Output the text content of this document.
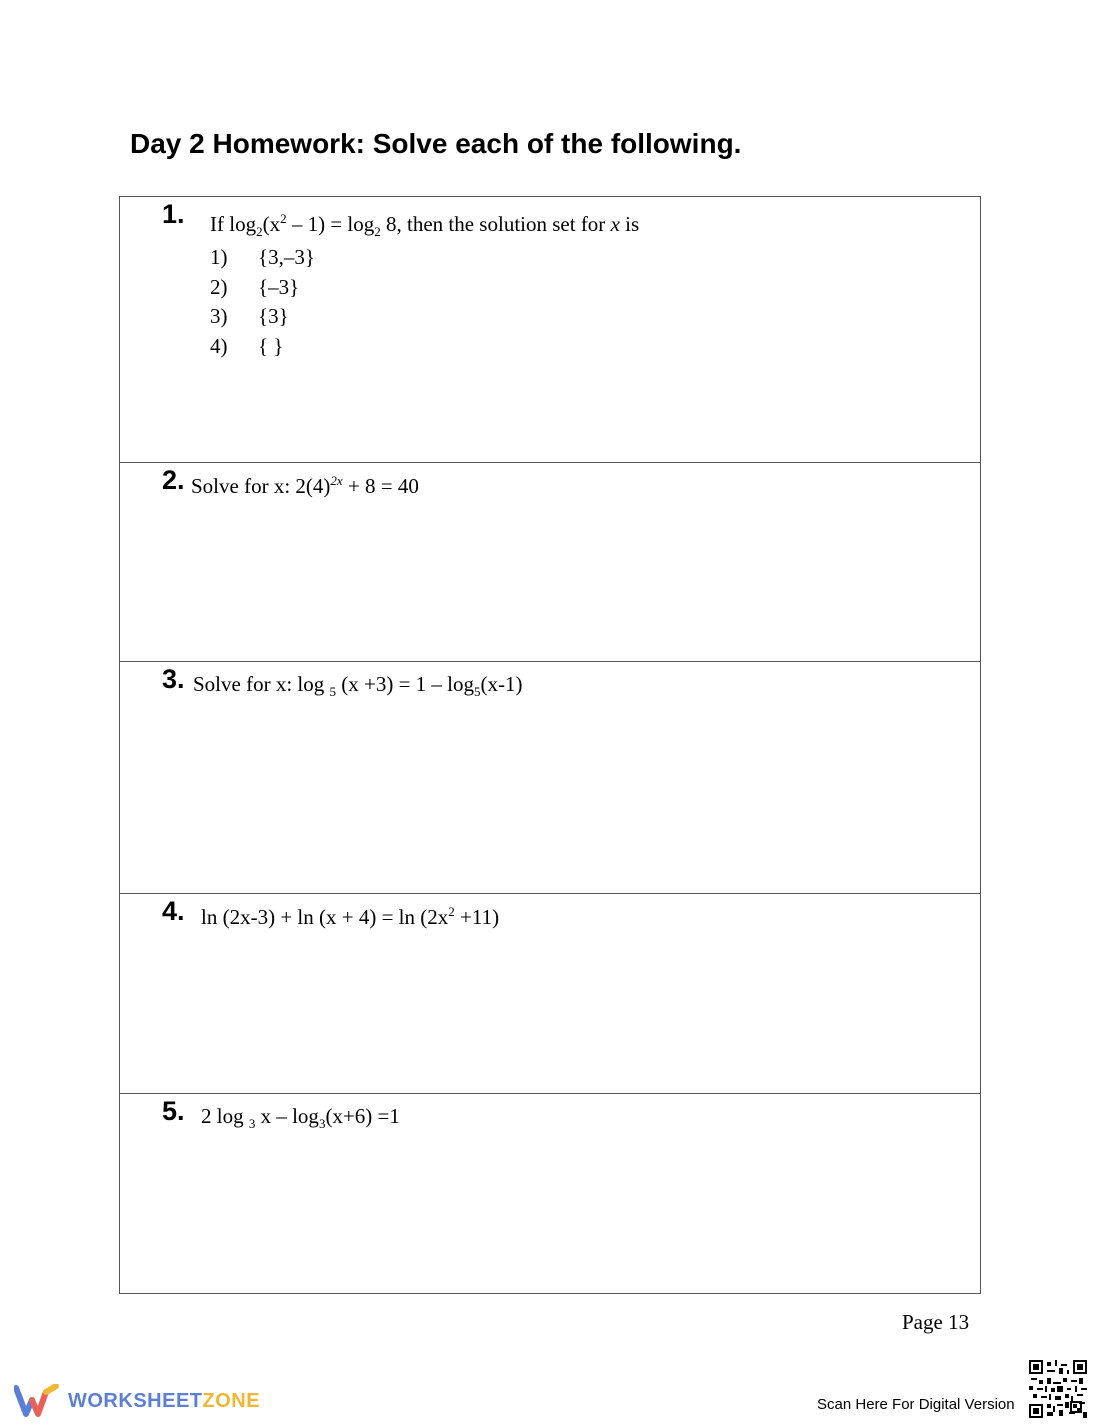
Day 2 Homework: Solve each of the following.
1. If $\log_2(x^2 - 1) = \log_2 8$, then the solution set for x is
1)	{3,–3}
2)	{–3}
3)	{3}
4)	{ }
2. Solve for x: $2(4)^{2x} + 8 = 40$
3. Solve for x: log $_5$ $(x +3) = 1 - \log_5(x-1)$
4. $\ln (2x-3) + \ln (x + 4) = \ln (2x^2 +11)$
5. 2 log $_3$ $x - \log_3(x+6) =1$
Page 13
WORKSHEETZONE	Scan Here For Digital Version
